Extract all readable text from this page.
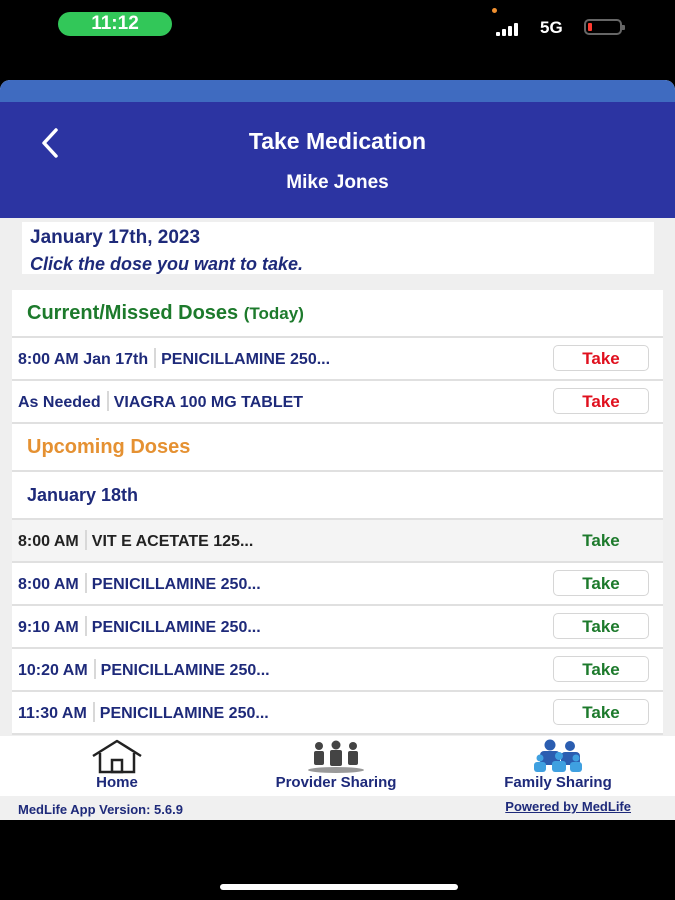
11:12	5G
Take Medication
Mike Jones
January 17th, 2023
Click the dose you want to take.
Current/Missed Doses (Today)
8:00 AM Jan 17th PENICILLAMINE 250...	Take
As Needed VIAGRA 100 MG TABLET	Take
Upcoming Doses
January 18th
8:00 AM VIT E ACETATE 125...	Take
8:00 AM PENICILLAMINE 250...	Take
9:10 AM PENICILLAMINE 250...	Take
10:20 AM PENICILLAMINE 250...	Take
11:30 AM PENICILLAMINE 250...	Take
Home	Provider Sharing	Family Sharing
MedLife App Version: 5.6.9	Powered by MedLife
